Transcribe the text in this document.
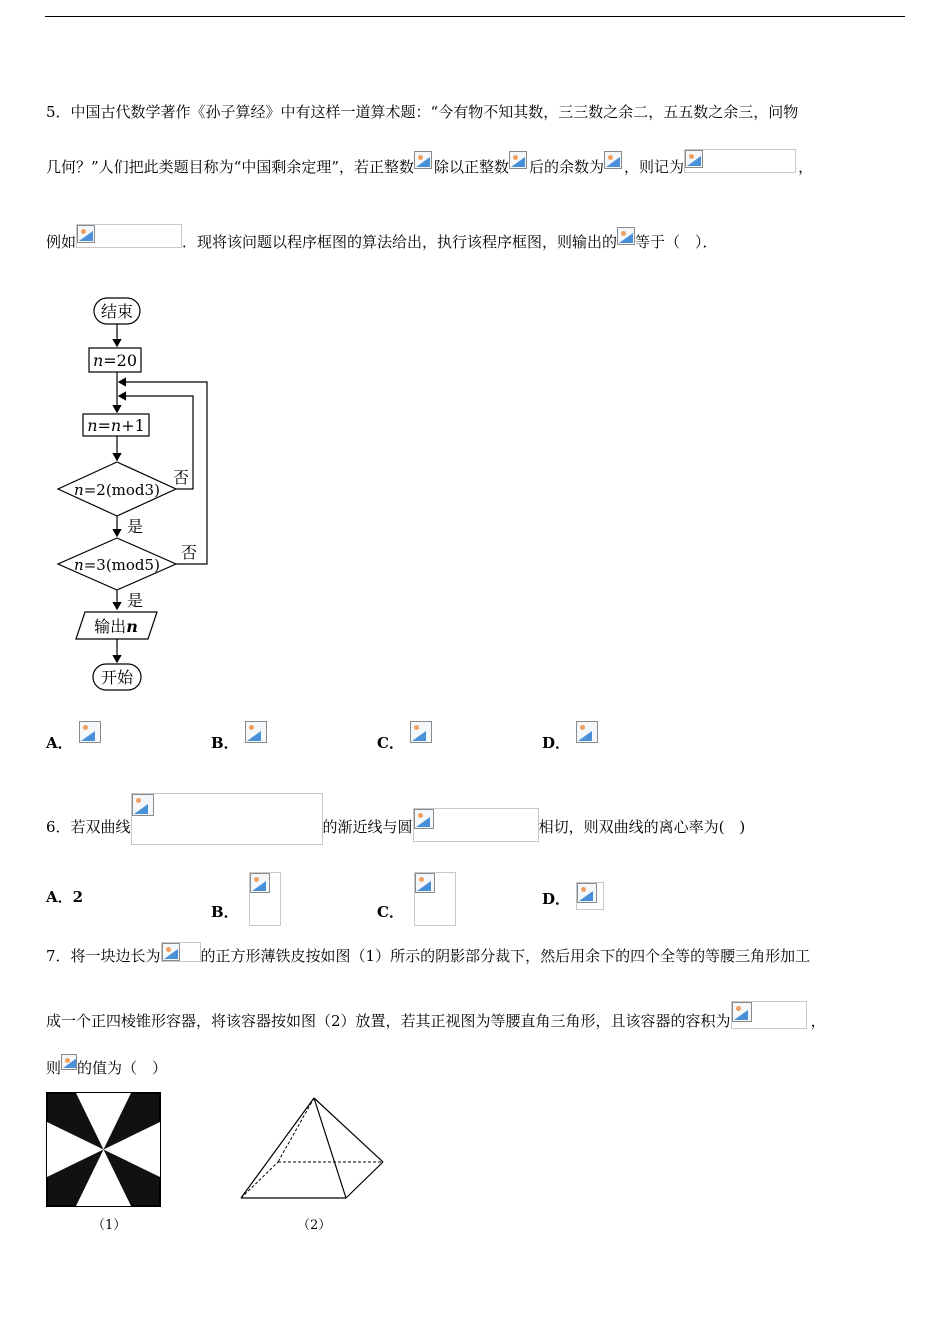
5．中国古代数学著作《孙子算经》中有这样一道算术题：“今有物不知其数，三三数之余二，五五数之余三，问物
几何？”人们把此类题目称为“中国剩余定理”，若正整数 除以正整数 后的余数为 ，则记为	，
例如	．现将该问题以程序框图的算法给出，执行该程序框图，则输出的 等于（　）．
结束
n=20
n=n+1
n=2(mod3)
否
是
n=3(mod5)
否
是
输出n
开始
A．	B．	C．	D．
6．若双曲线	的渐近线与圆	相切，则双曲线的离心率为(　)
A．2
B．	C．
D．
7．将一块边长为	的正方形薄铁皮按如图（1）所示的阴影部分裁下，然后用余下的四个全等的等腰三角形加工
成一个正四棱锥形容器，将该容器按如图（2）放置，若其正视图为等腰直角三角形，且该容器的容积为	，
则 的值为（　）
（1）	（2）
